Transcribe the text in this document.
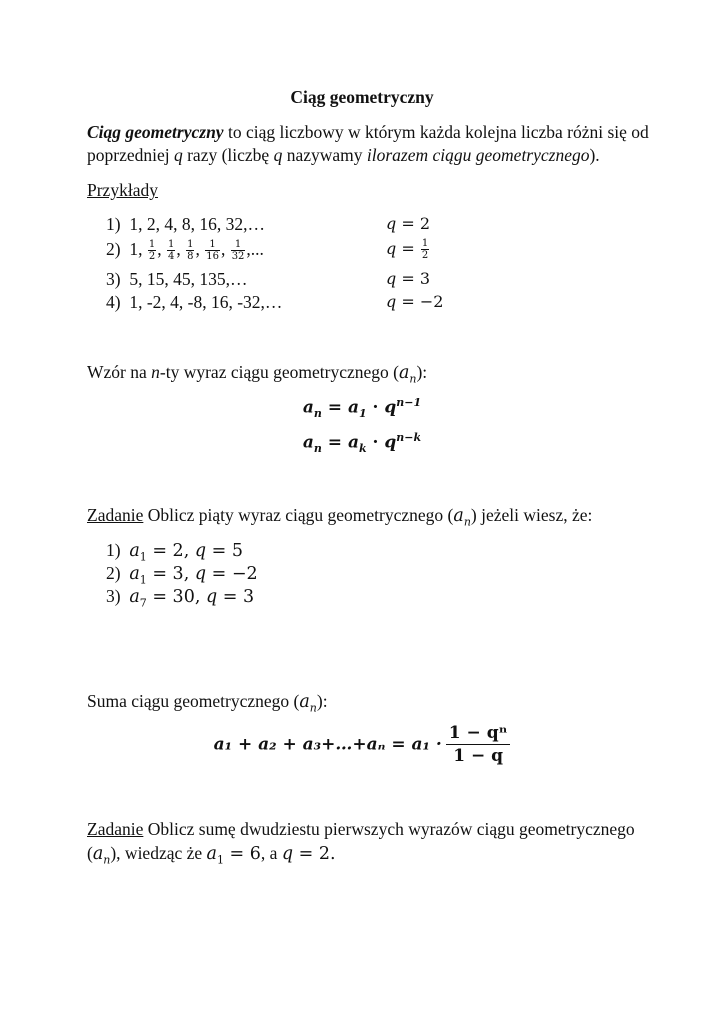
Ciąg geometryczny
Ciąg geometryczny to ciąg liczbowy w którym każda kolejna liczba różni się od
poprzedniej q razy (liczbę q nazywamy ilorazem ciągu geometrycznego).
Przykłady
1) 1, 2, 4, 8, 16, 32,…	q = 2
2) 1, $\frac{1}{2}$ , $\frac{1}{4}$ , $\frac{1}{8}$ , $\frac{1}{16}$ , $\frac{1}{32}$ ,...	$q = \frac{1}{2}$
3) 5, 15, 45, 135,…	q = 3
4) 1, -2, 4, -8, 16, -32,…	q = −2
Wzór na n-ty wyraz ciągu geometrycznego $(a_n)$:
$a_n = a_1 \cdot q^{n-1}$
$a_n = a_k \cdot q^{n-k}$
Zadanie Oblicz piąty wyraz ciągu geometrycznego $(a_n)$ jeżeli wiesz, że:
1) $a_1 = 2$, q = 5
2) $a_1 = 3$, q = −2
3) $a_7 = 30$, q = 3
Suma ciągu geometrycznego $(a_n)$:
a₁ + a₂ + a₃+…+aₙ = $a_1 \cdot \frac{\text{1 − qⁿ}}{1 - q}$
Zadanie Oblicz sumę dwudziestu pierwszych wyrazów ciągu geometrycznego
$(a_n)$, wiedząc że $a_1 = 6$, a q = 2.
